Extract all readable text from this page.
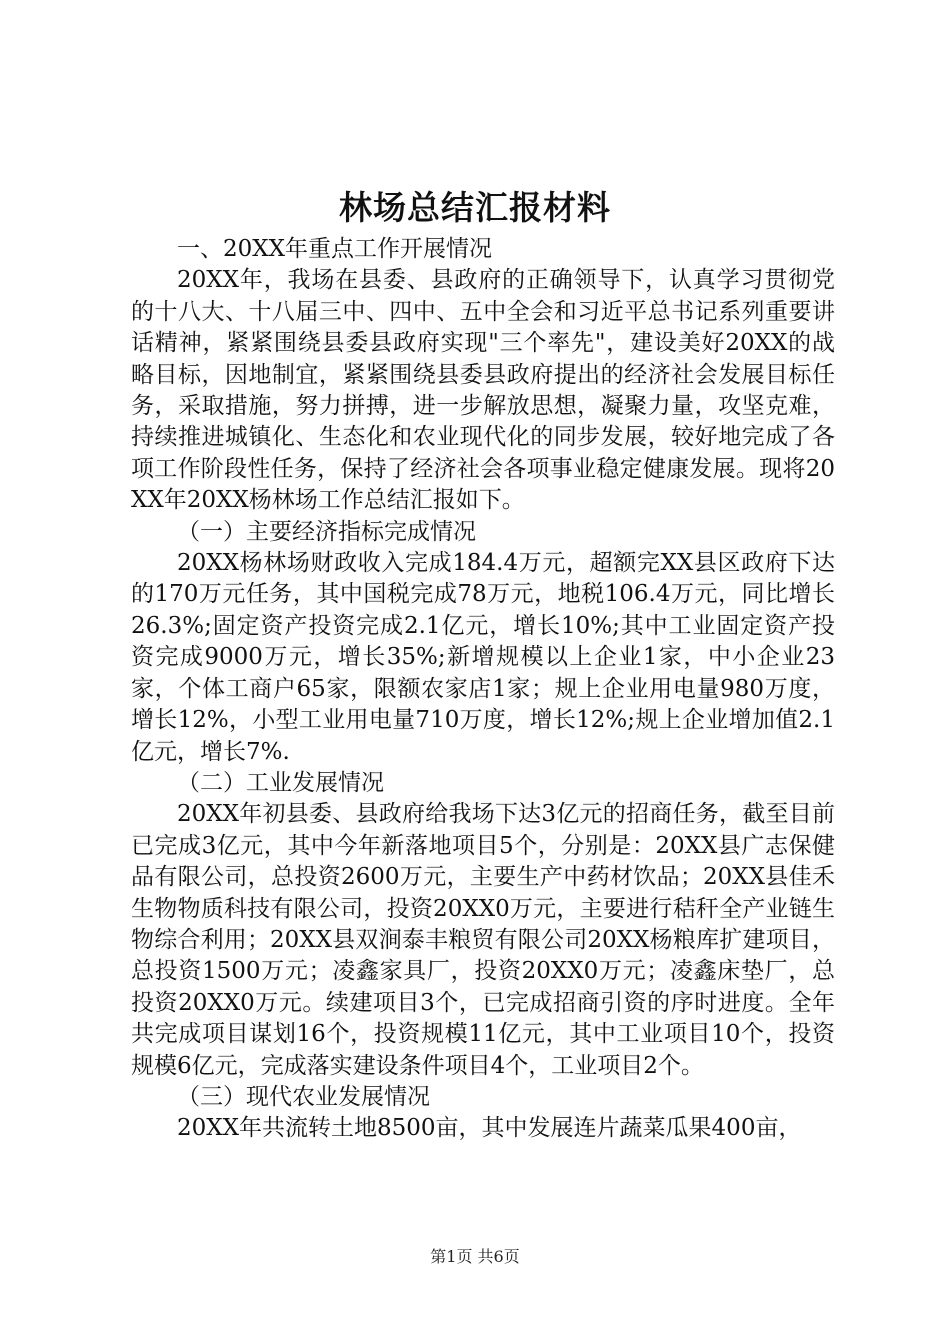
林场总结汇报材料

一、20XX年重点工作开展情况

20XX年，我场在县委、县政府的正确领导下，认真学习贯彻党的十八大、十八届三中、四中、五中全会和习近平总书记系列重要讲话精神，紧紧围绕县委县政府实现"三个率先"，建设美好20XX的战略目标，因地制宜，紧紧围绕县委县政府提出的经济社会发展目标任务，采取措施，努力拼搏，进一步解放思想，凝聚力量，攻坚克难，持续推进城镇化、生态化和农业现代化的同步发展，较好地完成了各项工作阶段性任务，保持了经济社会各项事业稳定健康发展。现将20XX年20XX杨林场工作总结汇报如下。

（一）主要经济指标完成情况

20XX杨林场财政收入完成184.4万元，超额完XX县区政府下达的170万元任务，其中国税完成78万元，地税106.4万元，同比增长26.3%;固定资产投资完成2.1亿元，增长10%;其中工业固定资产投资完成9000万元，增长35%;新增规模以上企业1家，中小企业23家，个体工商户65家，限额农家店1家；规上企业用电量980万度，增长12%，小型工业用电量710万度，增长12%;规上企业增加值2.1亿元，增长7%.

（二）工业发展情况

20XX年初县委、县政府给我场下达3亿元的招商任务，截至目前已完成3亿元，其中今年新落地项目5个，分别是：20XX县广志保健品有限公司，总投资2600万元，主要生产中药材饮品；20XX县佳禾生物物质科技有限公司，投资20XX0万元，主要进行秸秆全产业链生物综合利用；20XX县双涧泰丰粮贸有限公司20XX杨粮库扩建项目，总投资1500万元；凌鑫家具厂，投资20XX0万元；凌鑫床垫厂，总投资20XX0万元。续建项目3个，已完成招商引资的序时进度。全年共完成项目谋划16个，投资规模11亿元，其中工业项目10个，投资规模6亿元，完成落实建设条件项目4个，工业项目2个。

（三）现代农业发展情况

20XX年共流转土地8500亩，其中发展连片蔬菜瓜果400亩，

第1页 共6页
